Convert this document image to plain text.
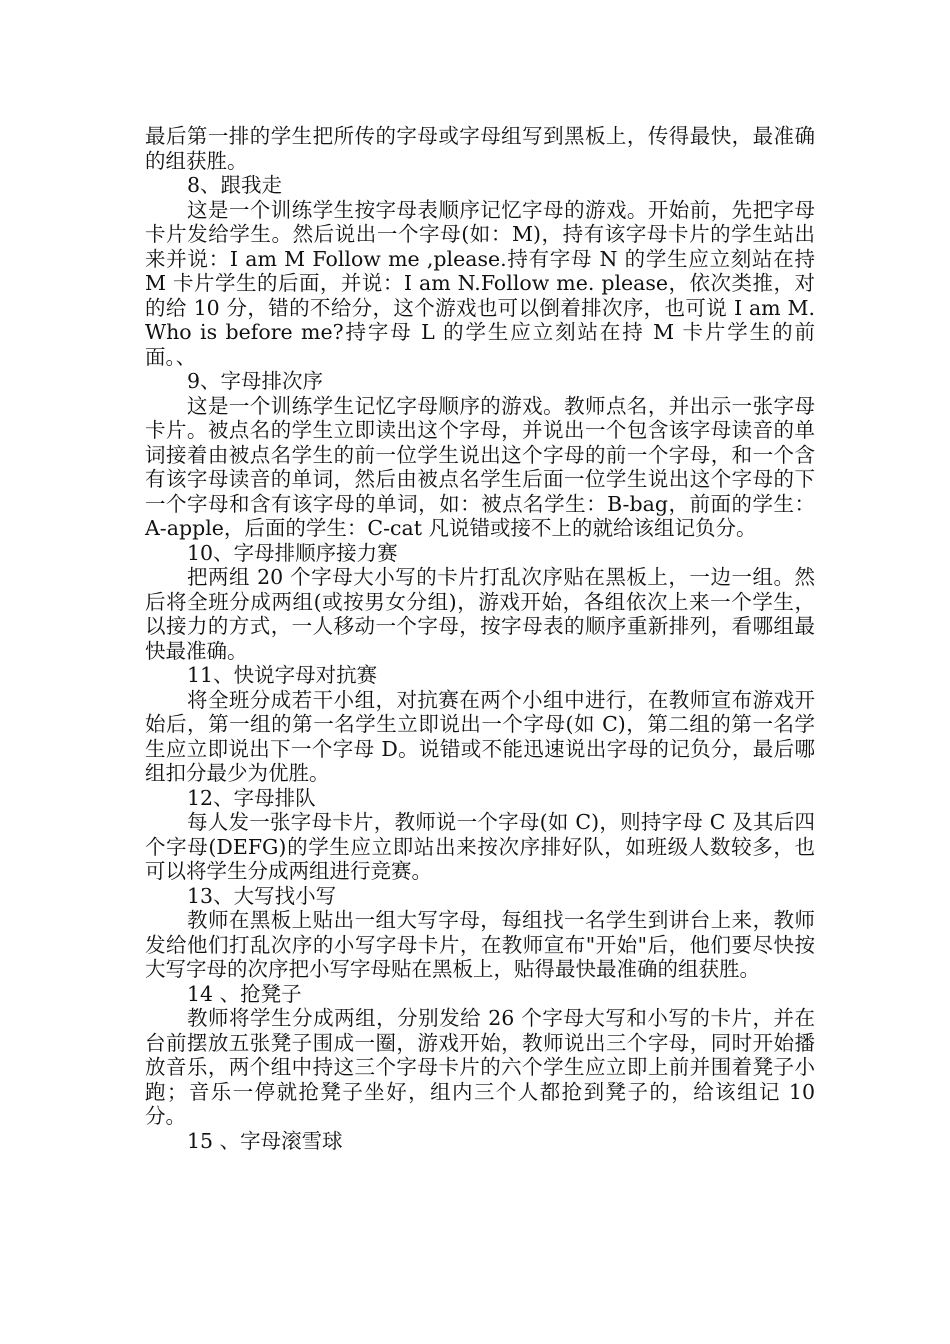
最后第一排的学生把所传的字母或字母组写到黑板上，传得最快，最准确的组获胜。

8、跟我走

这是一个训练学生按字母表顺序记忆字母的游戏。开始前，先把字母卡片发给学生。然后说出一个字母(如：M)，持有该字母卡片的学生站出来并说：I am M Follow me ,please.持有字母 N 的学生应立刻站在持 M 卡片学生的后面，并说：I am N.Follow me. please，依次类推，对的给 10 分，错的不给分，这个游戏也可以倒着排次序，也可说 I am M.Who is before me?持字母 L 的学生应立刻站在持 M 卡片学生的前面。、

9、字母排次序

这是一个训练学生记忆字母顺序的游戏。教师点名，并出示一张字母卡片。被点名的学生立即读出这个字母，并说出一个包含该字母读音的单词接着由被点名学生的前一位学生说出这个字母的前一个字母，和一个含有该字母读音的单词，然后由被点名学生后面一位学生说出这个字母的下一个字母和含有该字母的单词，如：被点名学生：B-bag，前面的学生：A-apple，后面的学生：C-cat 凡说错或接不上的就给该组记负分。

10、字母排顺序接力赛

把两组 20 个字母大小写的卡片打乱次序贴在黑板上，一边一组。然后将全班分成两组(或按男女分组)，游戏开始，各组依次上来一个学生，以接力的方式，一人移动一个字母，按字母表的顺序重新排列，看哪组最快最准确。

11、快说字母对抗赛

将全班分成若干小组，对抗赛在两个小组中进行，在教师宣布游戏开始后，第一组的第一名学生立即说出一个字母(如 C)，第二组的第一名学生应立即说出下一个字母 D。说错或不能迅速说出字母的记负分，最后哪组扣分最少为优胜。

12、字母排队

每人发一张字母卡片，教师说一个字母(如 C)，则持字母 C 及其后四个字母(DEFG)的学生应立即站出来按次序排好队，如班级人数较多，也可以将学生分成两组进行竞赛。

13、大写找小写

教师在黑板上贴出一组大写字母，每组找一名学生到讲台上来，教师发给他们打乱次序的小写字母卡片，在教师宣布"开始"后，他们要尽快按大写字母的次序把小写字母贴在黑板上，贴得最快最准确的组获胜。

14 、抢凳子

教师将学生分成两组，分别发给 26 个字母大写和小写的卡片，并在台前摆放五张凳子围成一圈，游戏开始，教师说出三个字母，同时开始播放音乐，两个组中持这三个字母卡片的六个学生应立即上前并围着凳子小跑；音乐一停就抢凳子坐好，组内三个人都抢到凳子的，给该组记 10 分。

15 、字母滚雪球
